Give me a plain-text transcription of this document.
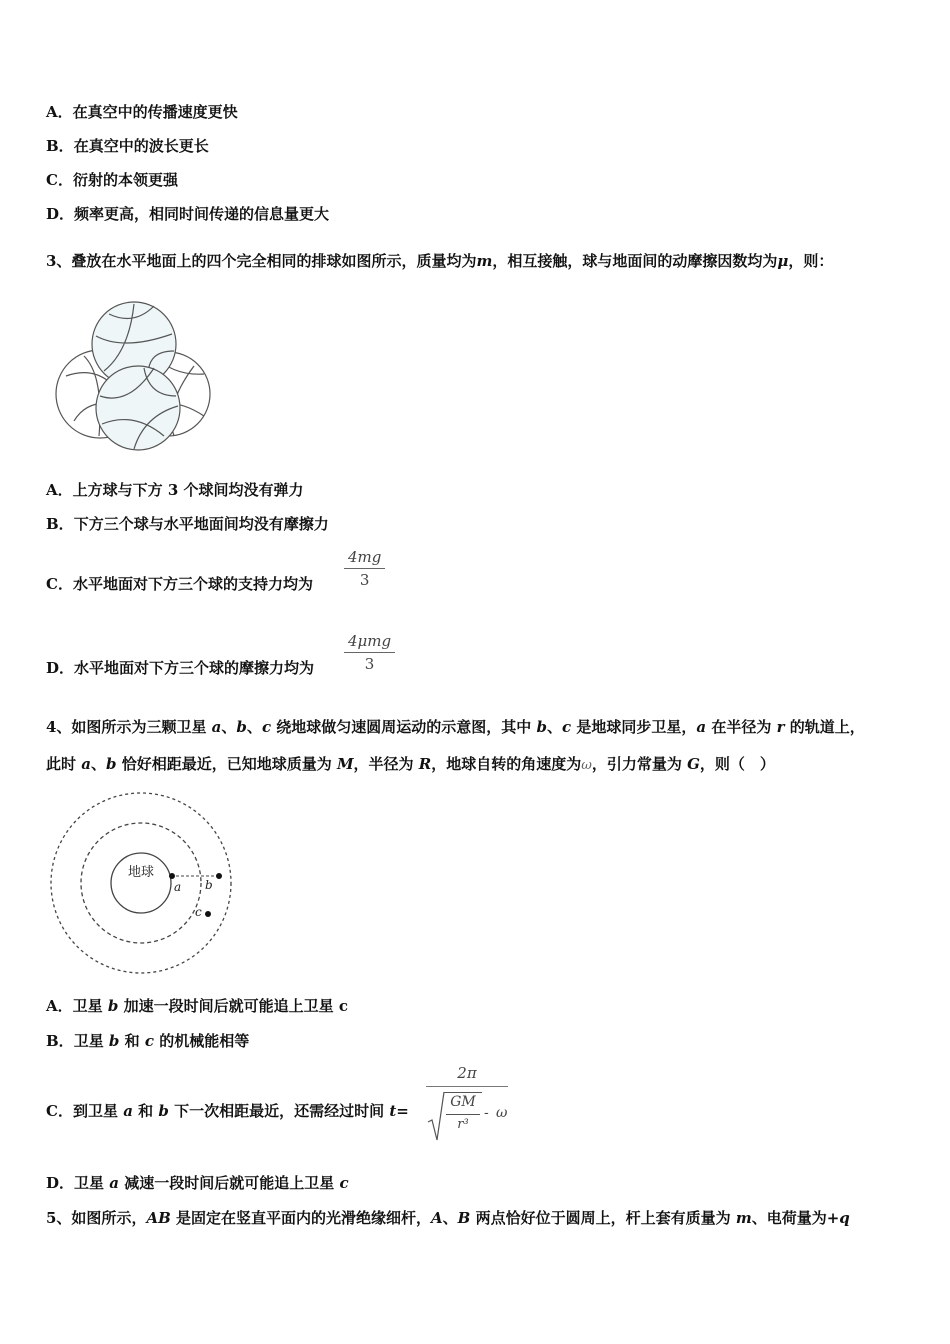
A．在真空中的传播速度更快
B．在真空中的波长更长
C．衍射的本领更强
D．频率更高，相同时间传递的信息量更大
3、叠放在水平地面上的四个完全相同的排球如图所示，质量均为m，相互接触，球与地面间的动摩擦因数均为μ，则：
A．上方球与下方 3 个球间均没有弹力
B．下方三个球与水平地面间均没有摩擦力
C．水平地面对下方三个球的支持力均为
4mg
3
D．水平地面对下方三个球的摩擦力均为
4μmg
3
4、如图所示为三颗卫星 a、b、c 绕地球做匀速圆周运动的示意图，其中 b、c 是地球同步卫星，a 在半径为 r 的轨道上，
此时 a、b 恰好相距最近，已知地球质量为 M，半径为 R，地球自转的角速度为ω，引力常量为 G，则（　）
地球
a b
c
A．卫星 b 加速一段时间后就可能追上卫星 c
B．卫星 b 和 c 的机械能相等
C．到卫星 a 和 b 下一次相距最近，还需经过时间 t=
2π
GM
r³
- ω
D．卫星 a 减速一段时间后就可能追上卫星 c
5、如图所示，AB 是固定在竖直平面内的光滑绝缘细杆，A、B 两点恰好位于圆周上，杆上套有质量为 m、电荷量为+q
